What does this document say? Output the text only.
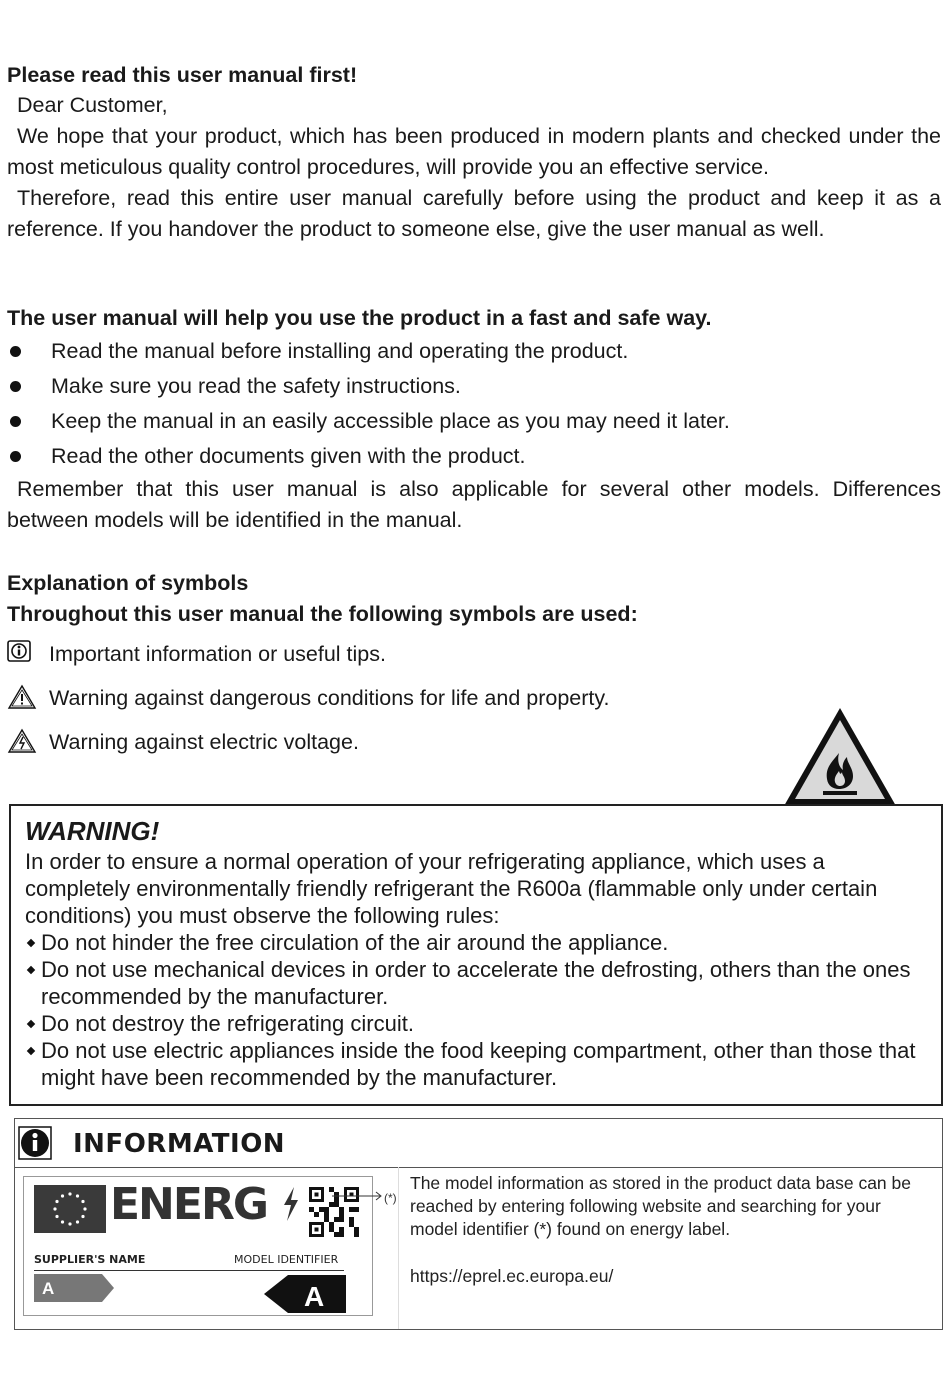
Please read this user manual first!

Dear Customer,

We hope that your product, which has been produced in modern plants and checked under the most meticulous quality control procedures, will provide you an effective service.

Therefore, read this entire user manual carefully before using the product and keep it as a reference. If you handover the product to someone else, give the user manual as well.

The user manual will help you use the product in a fast and safe way.

Read the manual before installing and operating the product.
Make sure you read the safety instructions.
Keep the manual in an easily accessible place as you may need it later.
Read the other documents given with the product.

Remember that this user manual is also applicable for several other models. Differences between models will be identified in the manual.

Explanation of symbols

Throughout this user manual the following symbols are used:

Important information or useful tips.
Warning against dangerous conditions for life and property.
Warning against electric voltage.

WARNING!

In order to ensure a normal operation of your refrigerating appliance, which uses a completely environmentally friendly refrigerant the R600a (flammable only under certain conditions) you must observe the following rules:

Do not hinder the free circulation of the air around the appliance.
Do not use mechanical devices in order to accelerate the defrosting, others than the ones recommended by the manufacturer.
Do not destroy the refrigerating circuit.
Do not use electric appliances inside the food keeping compartment, other than those that might have been recommended by the manufacturer.
INFORMATION
ENERG
SUPPLIER'S NAME	MODEL IDENTIFIER
A	A
(*)

The model information as stored in the product data base can be reached by entering following website and searching for your model identifier (*) found on energy label.

https://eprel.ec.europa.eu/
